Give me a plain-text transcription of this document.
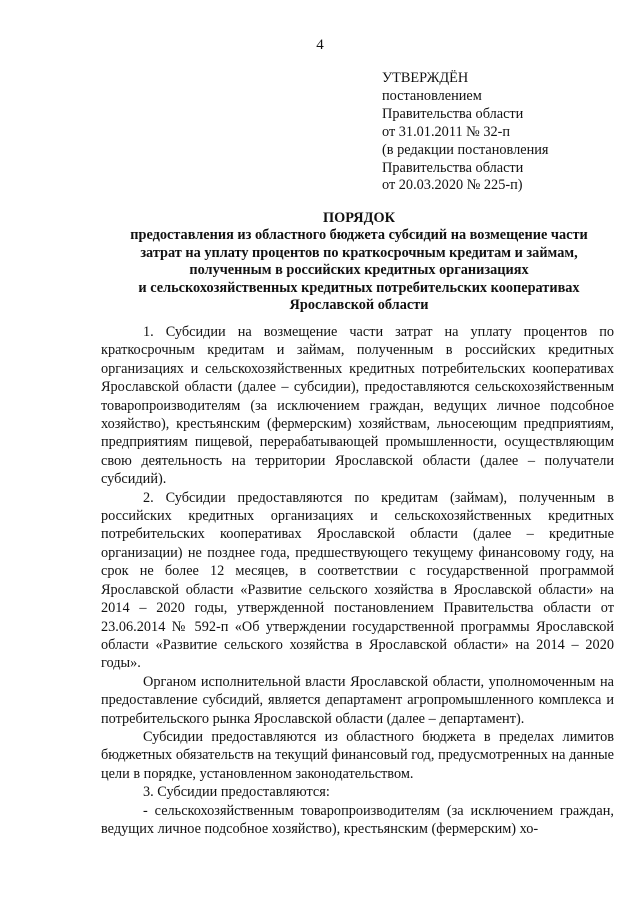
4
УТВЕРЖДЁН
постановлением
Правительства области
от 31.01.2011 № 32-п
(в редакции постановления
Правительства области
от 20.03.2020 № 225-п)
ПОРЯДОК
предоставления из областного бюджета субсидий на возмещение части
затрат на уплату процентов по краткосрочным кредитам и займам,
полученным в российских кредитных организациях
и сельскохозяйственных кредитных потребительских кооперативах
Ярославской области

1. Субсидии на возмещение части затрат на уплату процентов по краткосрочным кредитам и займам, полученным в российских кредитных организациях и сельскохозяйственных кредитных потребительских кооперативах Ярославской области (далее – субсидии), предоставляются сельскохозяйственным товаропроизводителям (за исключением граждан, ведущих личное подсобное хозяйство), крестьянским (фермерским) хозяйствам, льносеющим предприятиям, предприятиям пищевой, перерабатывающей промышленности, осуществляющим свою деятельность на территории Ярославской области (далее – получатели субсидий).

2. Субсидии предоставляются по кредитам (займам), полученным в российских кредитных организациях и сельскохозяйственных кредитных потребительских кооперативах Ярославской области (далее – кредитные организации) не позднее года, предшествующего текущему финансовому году, на срок не более 12 месяцев, в соответствии с государственной программой Ярославской области «Развитие сельского хозяйства в Ярославской области» на 2014 – 2020 годы, утвержденной постановлением Правительства области от 23.06.2014 № 592-п «Об утверждении государственной программы Ярославской области «Развитие сельского хозяйства в Ярославской области» на 2014 – 2020 годы».

Органом исполнительной власти Ярославской области, уполномоченным на предоставление субсидий, является департамент агропромышленного комплекса и потребительского рынка Ярославской области (далее – департамент).

Субсидии предоставляются из областного бюджета в пределах лимитов бюджетных обязательств на текущий финансовый год, предусмотренных на данные цели в порядке, установленном законодательством.

3. Субсидии предоставляются:

- сельскохозяйственным товаропроизводителям (за исключением граждан, ведущих личное подсобное хозяйство), крестьянским (фермерским) хо-
